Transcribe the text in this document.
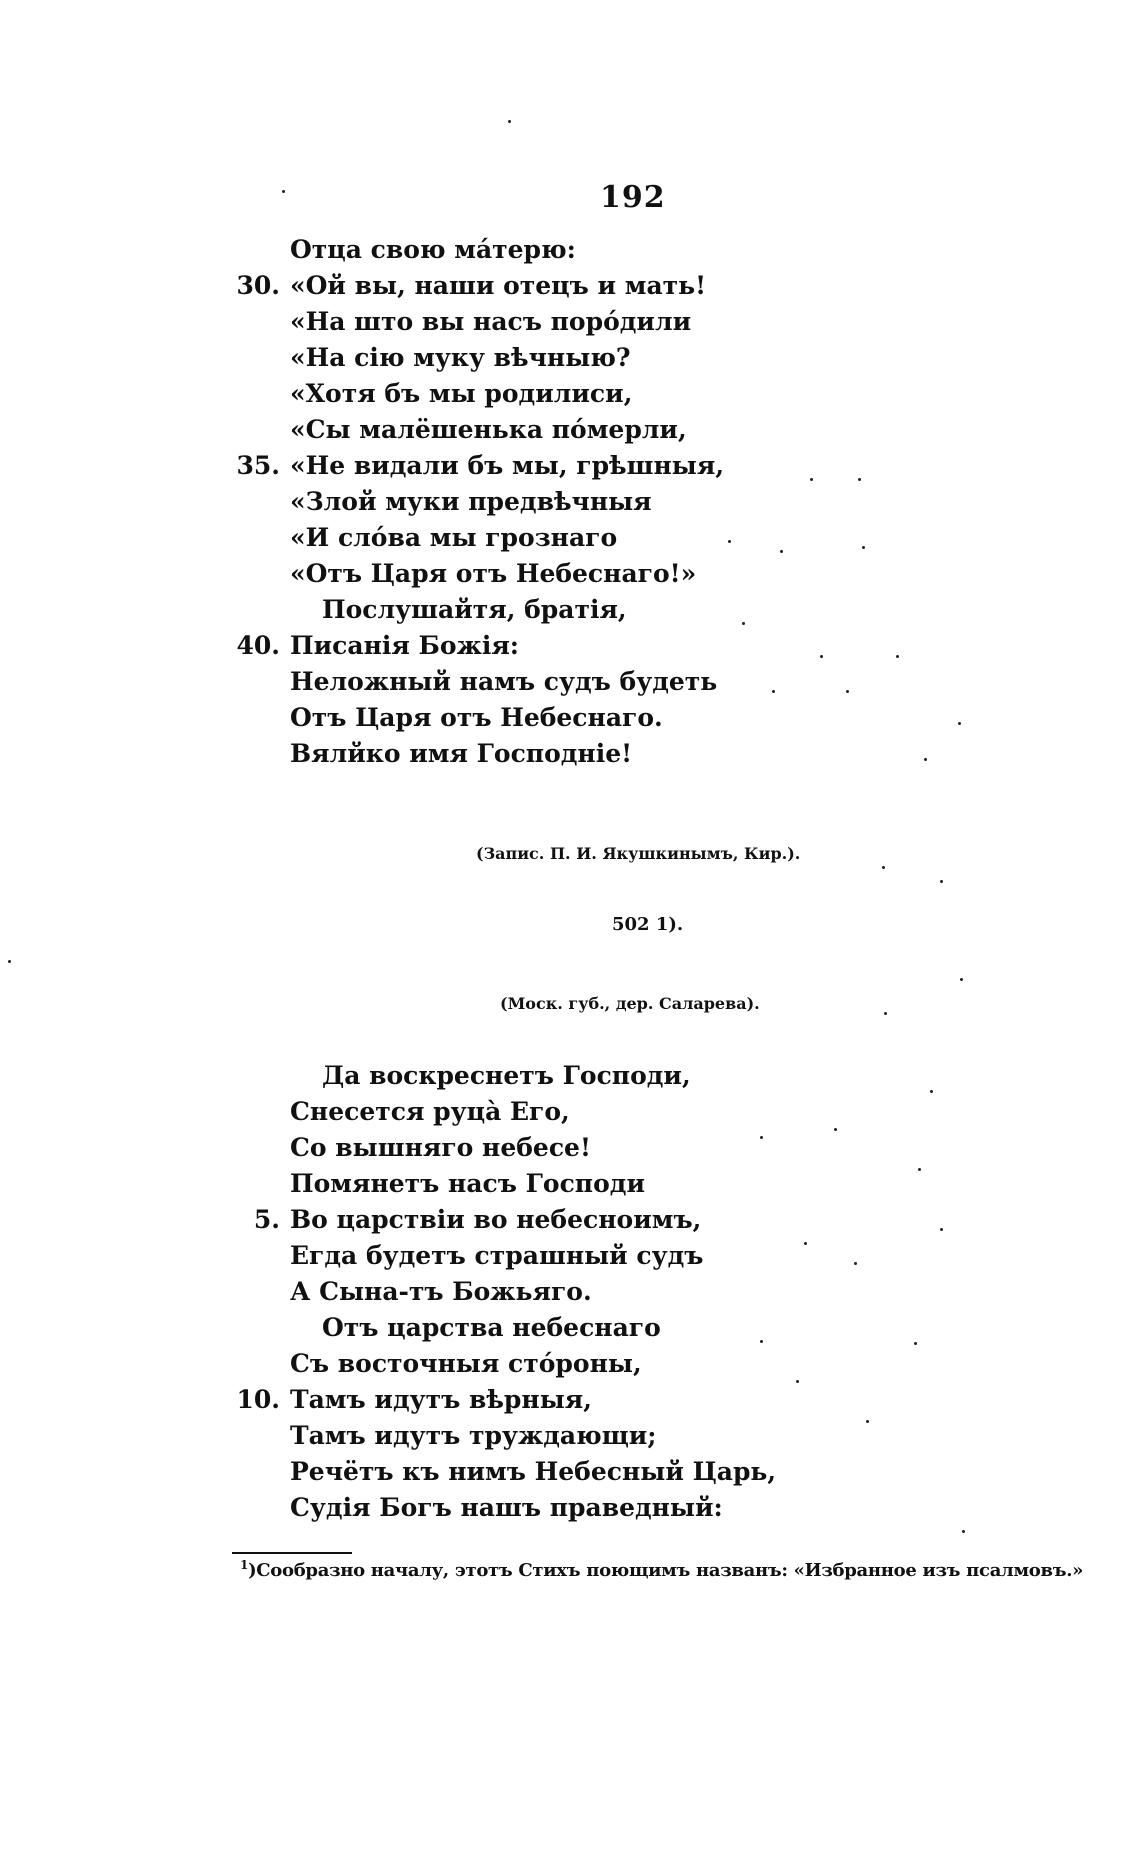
192
Отца свою мáтерю:
30. «Ой вы, наши отецъ и мать!
«На што вы насъ порóдили
«На сію муку вѣчныю?
«Хотя бъ мы родилиси,
«Сы малёшенька пóмерли,
35. «Не видали бъ мы, грѣшныя,
«Злой муки предвѣчныя
«И слóва мы грознаго
«Отъ Царя отъ Небеснаго!»
Послушайтя, братія,
40. Писанія Божія:
Неложный намъ судъ будеть
Отъ Царя отъ Небеснаго.
Вялйко имя Господніе!
(Запис. П. И. Якушкинымъ, Кир.).
502 1).
(Моск. губ., дер. Саларева).
Да воскреснетъ Господи,
Снесется руцà Его,
Со вышняго небесе!
Помянетъ насъ Господи
5. Во царствіи во небесноимъ,
Егда будетъ страшный судъ
А Сына-тъ Божьяго.
Отъ царства небеснаго
Съ восточныя стóроны,
10. Тамъ идутъ вѣрныя,
Тамъ идутъ труждающи;
Речётъ къ нимъ Небесный Царь,
Судія Богъ нашъ праведный:
$^1$)Сообразно началу, этотъ Стихъ поющимъ названъ: «Избранное изъ псалмовъ.»
